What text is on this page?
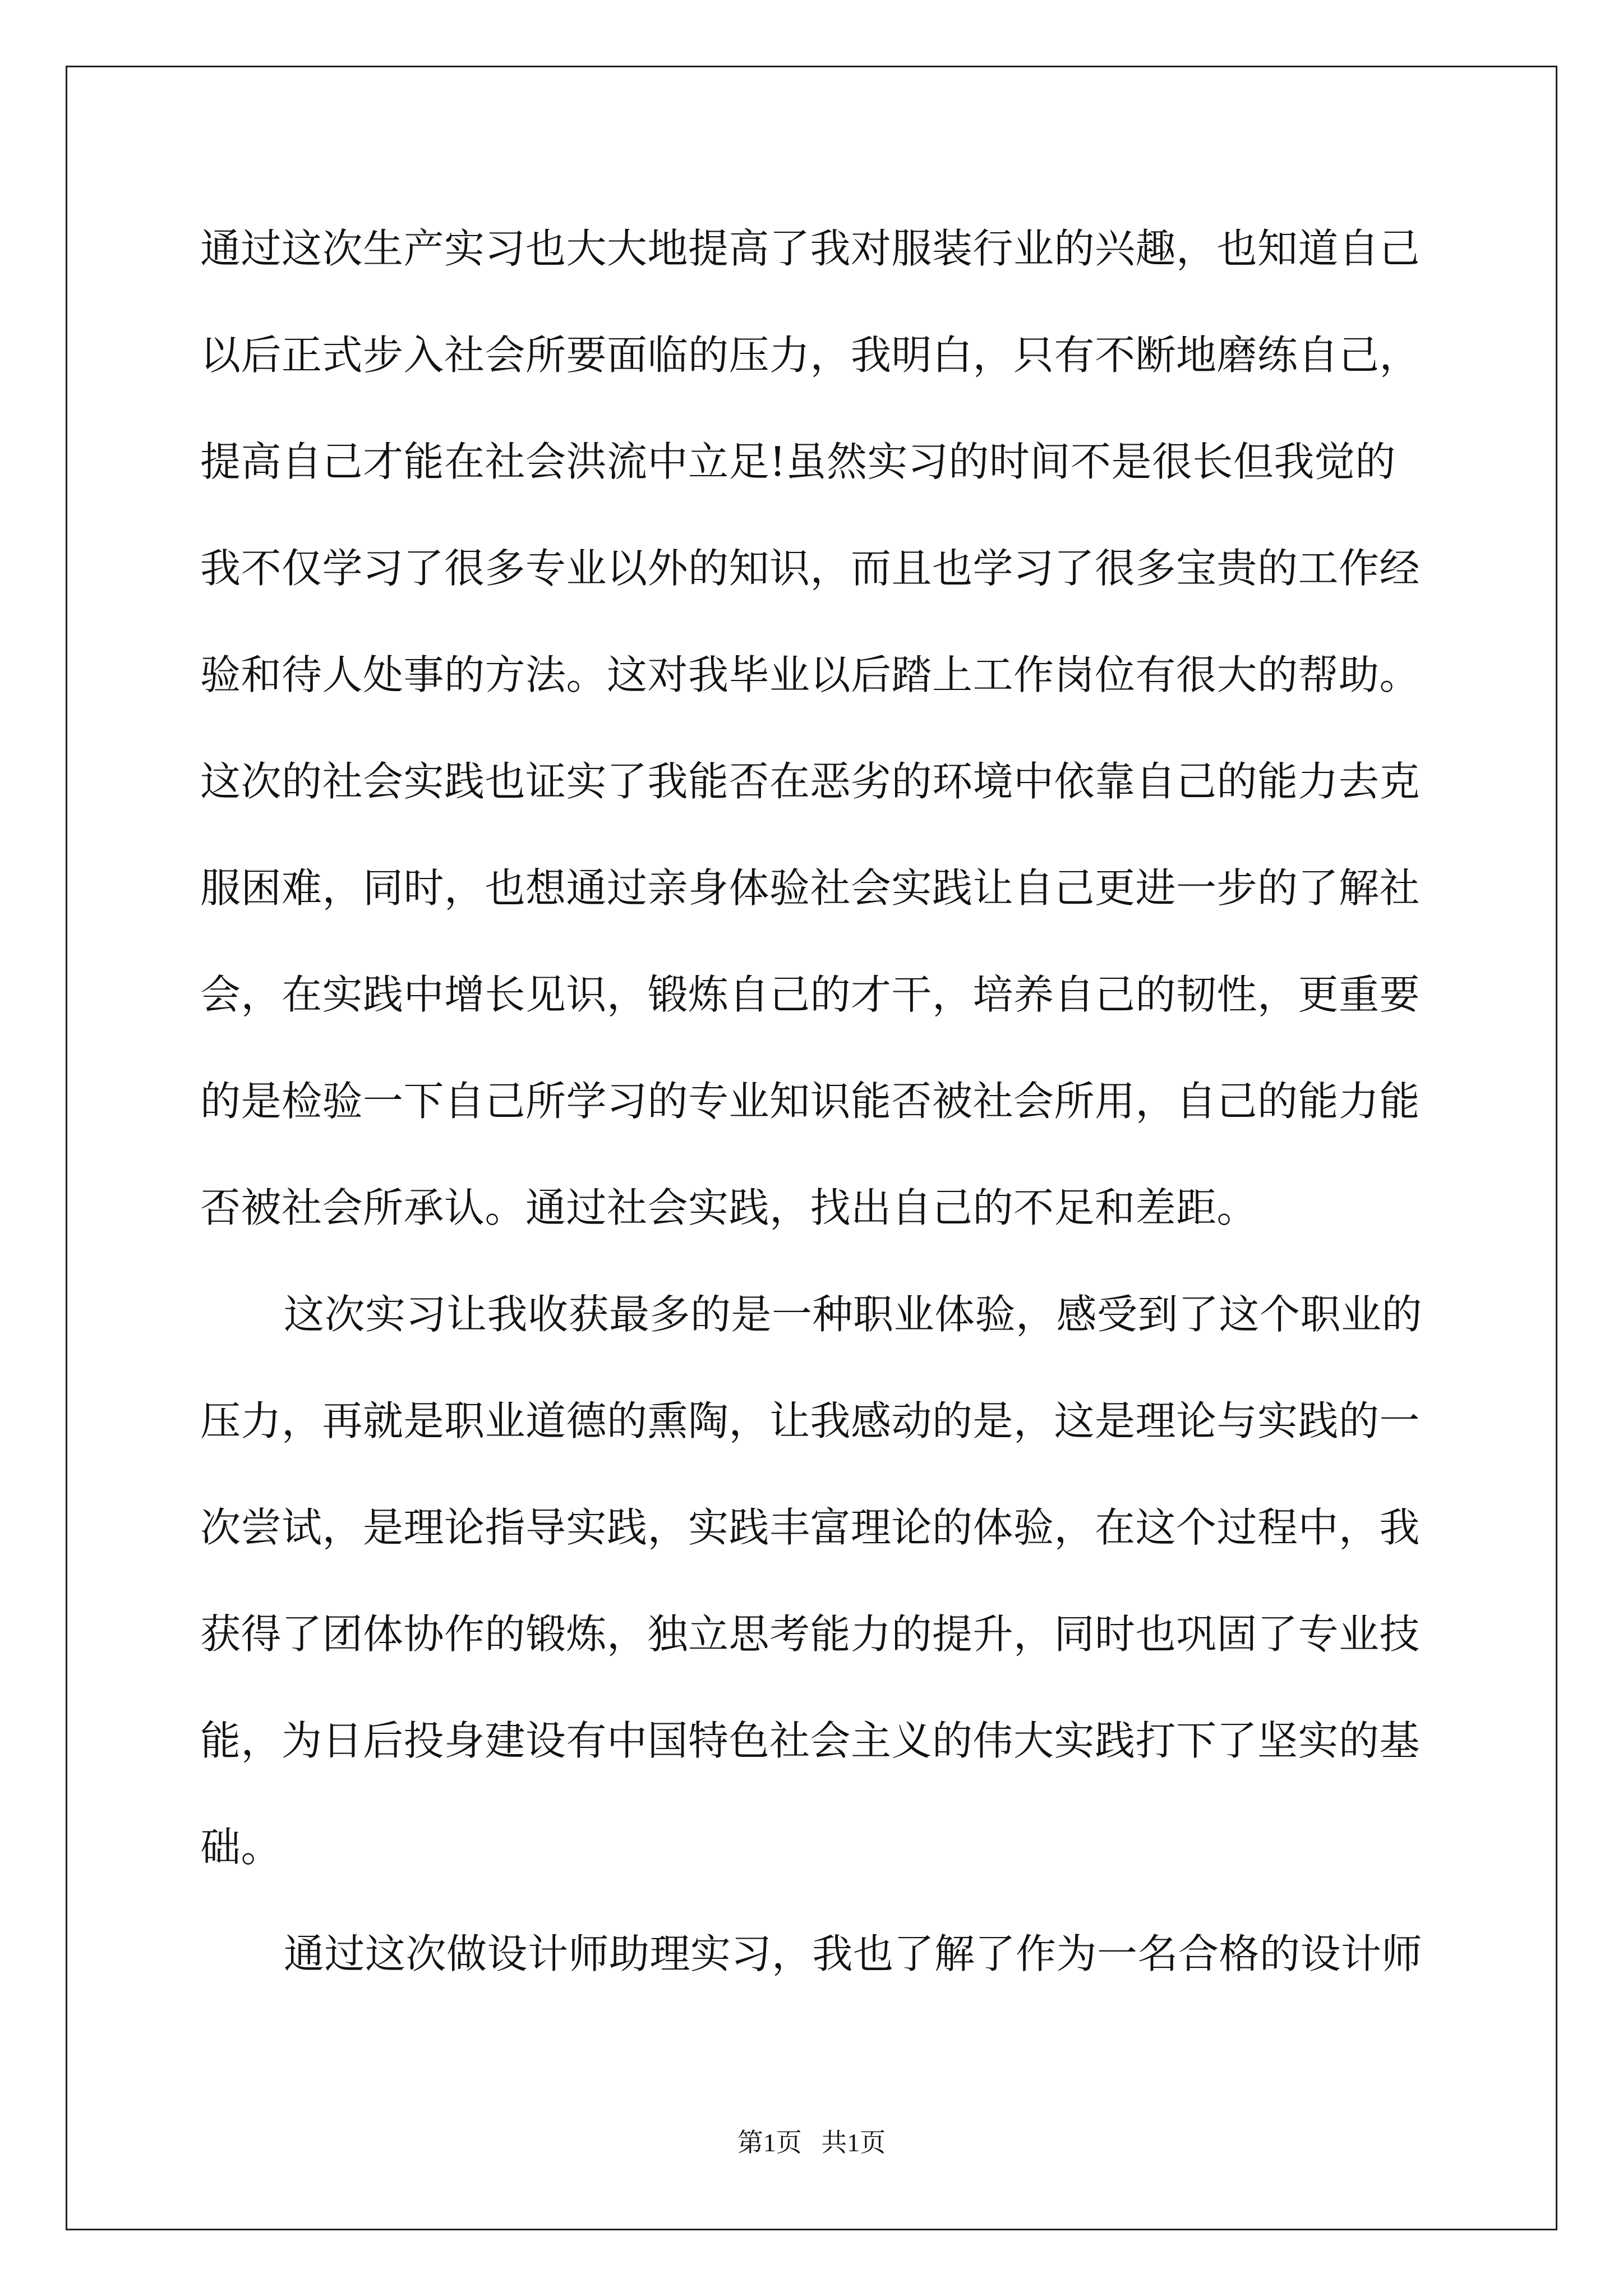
通过这次生产实习也大大地提高了我对服装行业的兴趣，也知道自己
以后正式步入社会所要面临的压力，我明白，只有不断地磨练自己，
提高自己才能在社会洪流中立足!虽然实习的时间不是很长但我觉的
我不仅学习了很多专业以外的知识，而且也学习了很多宝贵的工作经
验和待人处事的方法。这对我毕业以后踏上工作岗位有很大的帮助。
这次的社会实践也证实了我能否在恶劣的环境中依靠自己的能力去克
服困难，同时，也想通过亲身体验社会实践让自己更进一步的了解社
会，在实践中增长见识，锻炼自己的才干，培养自己的韧性，更重要
的是检验一下自己所学习的专业知识能否被社会所用，自己的能力能
否被社会所承认。通过社会实践，找出自己的不足和差距。
这次实习让我收获最多的是一种职业体验，感受到了这个职业的
压力，再就是职业道德的熏陶，让我感动的是，这是理论与实践的一
次尝试，是理论指导实践，实践丰富理论的体验，在这个过程中，我
获得了团体协作的锻炼，独立思考能力的提升，同时也巩固了专业技
能，为日后投身建设有中国特色社会主义的伟大实践打下了坚实的基
础。
通过这次做设计师助理实习，我也了解了作为一名合格的设计师
第1页   共1页
